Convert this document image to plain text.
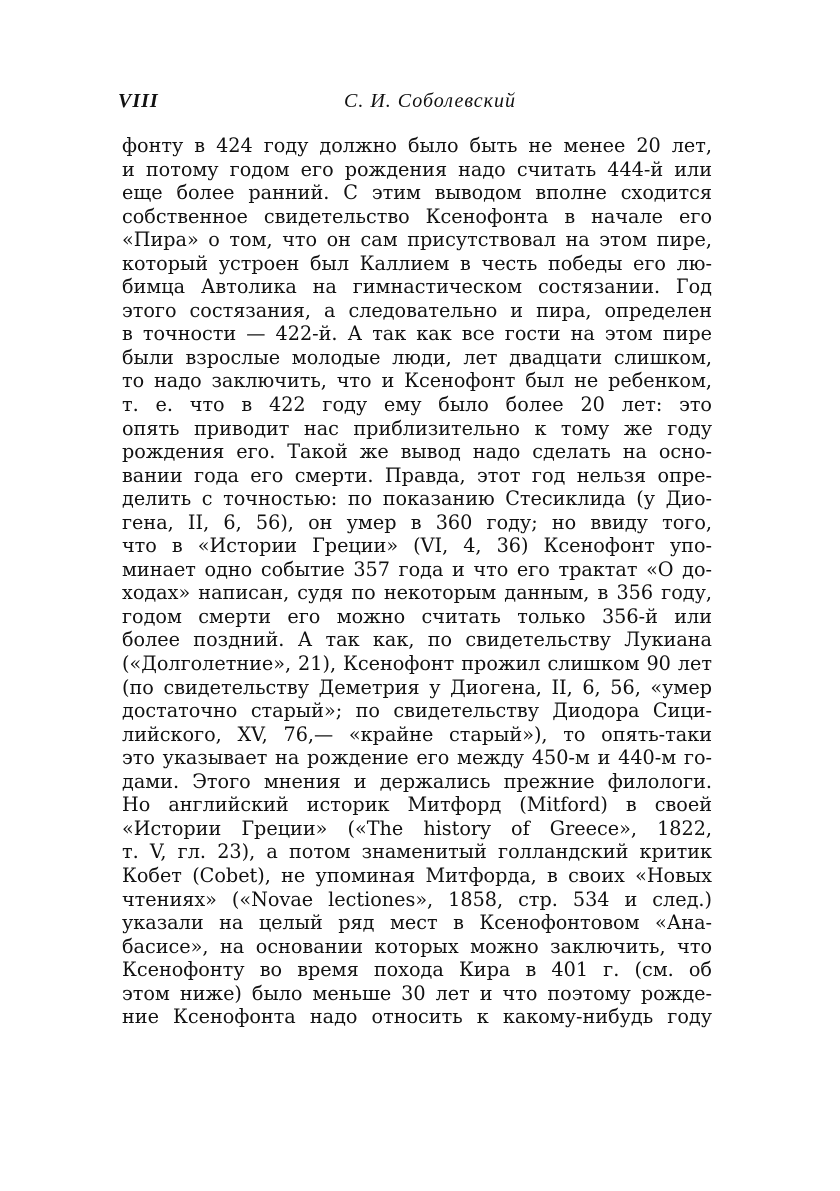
VIII	С. И. Соболевский
фонту в 424 году должно было быть не менее 20 лет,
и потому годом его рождения надо считать 444-й или
еще более ранний. С этим выводом вполне сходится
собственное свидетельство Ксенофонта в начале его
«Пира» о том, что он сам присутствовал на этом пире,
который устроен был Каллием в честь победы его лю-
бимца Автолика на гимнастическом состязании. Год
этого состязания, а следовательно и пира, определен
в точности — 422-й. А так как все гости на этом пире
были взрослые молодые люди, лет двадцати слишком,
то надо заключить, что и Ксенофонт был не ребенком,
т. е. что в 422 году ему было более 20 лет: это
опять приводит нас приблизительно к тому же году
рождения его. Такой же вывод надо сделать на осно-
вании года его смерти. Правда, этот год нельзя опре-
делить с точностью: по показанию Стесиклида (у Дио-
гена, II, 6, 56), он умер в 360 году; но ввиду того,
что в «Истории Греции» (VI, 4, 36) Ксенофонт упо-
минает одно событие 357 года и что его трактат «О до-
ходах» написан, судя по некоторым данным, в 356 году,
годом смерти его можно считать только 356-й или
более поздний. А так как, по свидетельству Лукиана
(«Долголетние», 21), Ксенофонт прожил слишком 90 лет
(по свидетельству Деметрия у Диогена, II, 6, 56, «умер
достаточно старый»; по свидетельству Диодора Сици-
лийского, XV, 76,— «крайне старый»), то опять-таки
это указывает на рождение его между 450-м и 440-м го-
дами. Этого мнения и держались прежние филологи.
Но английский историк Митфорд (Mitford) в своей
«Истории Греции» («The history of Greece», 1822,
т. V, гл. 23), а потом знаменитый голландский критик
Кобет (Cobet), не упоминая Митфорда, в своих «Новых
чтениях» («Novae lectiones», 1858, стр. 534 и след.)
указали на целый ряд мест в Ксенофонтовом «Ана-
басисе», на основании которых можно заключить, что
Ксенофонту во время похода Кира в 401 г. (см. об
этом ниже) было меньше 30 лет и что поэтому рожде-
ние Ксенофонта надо относить к какому-нибудь году
